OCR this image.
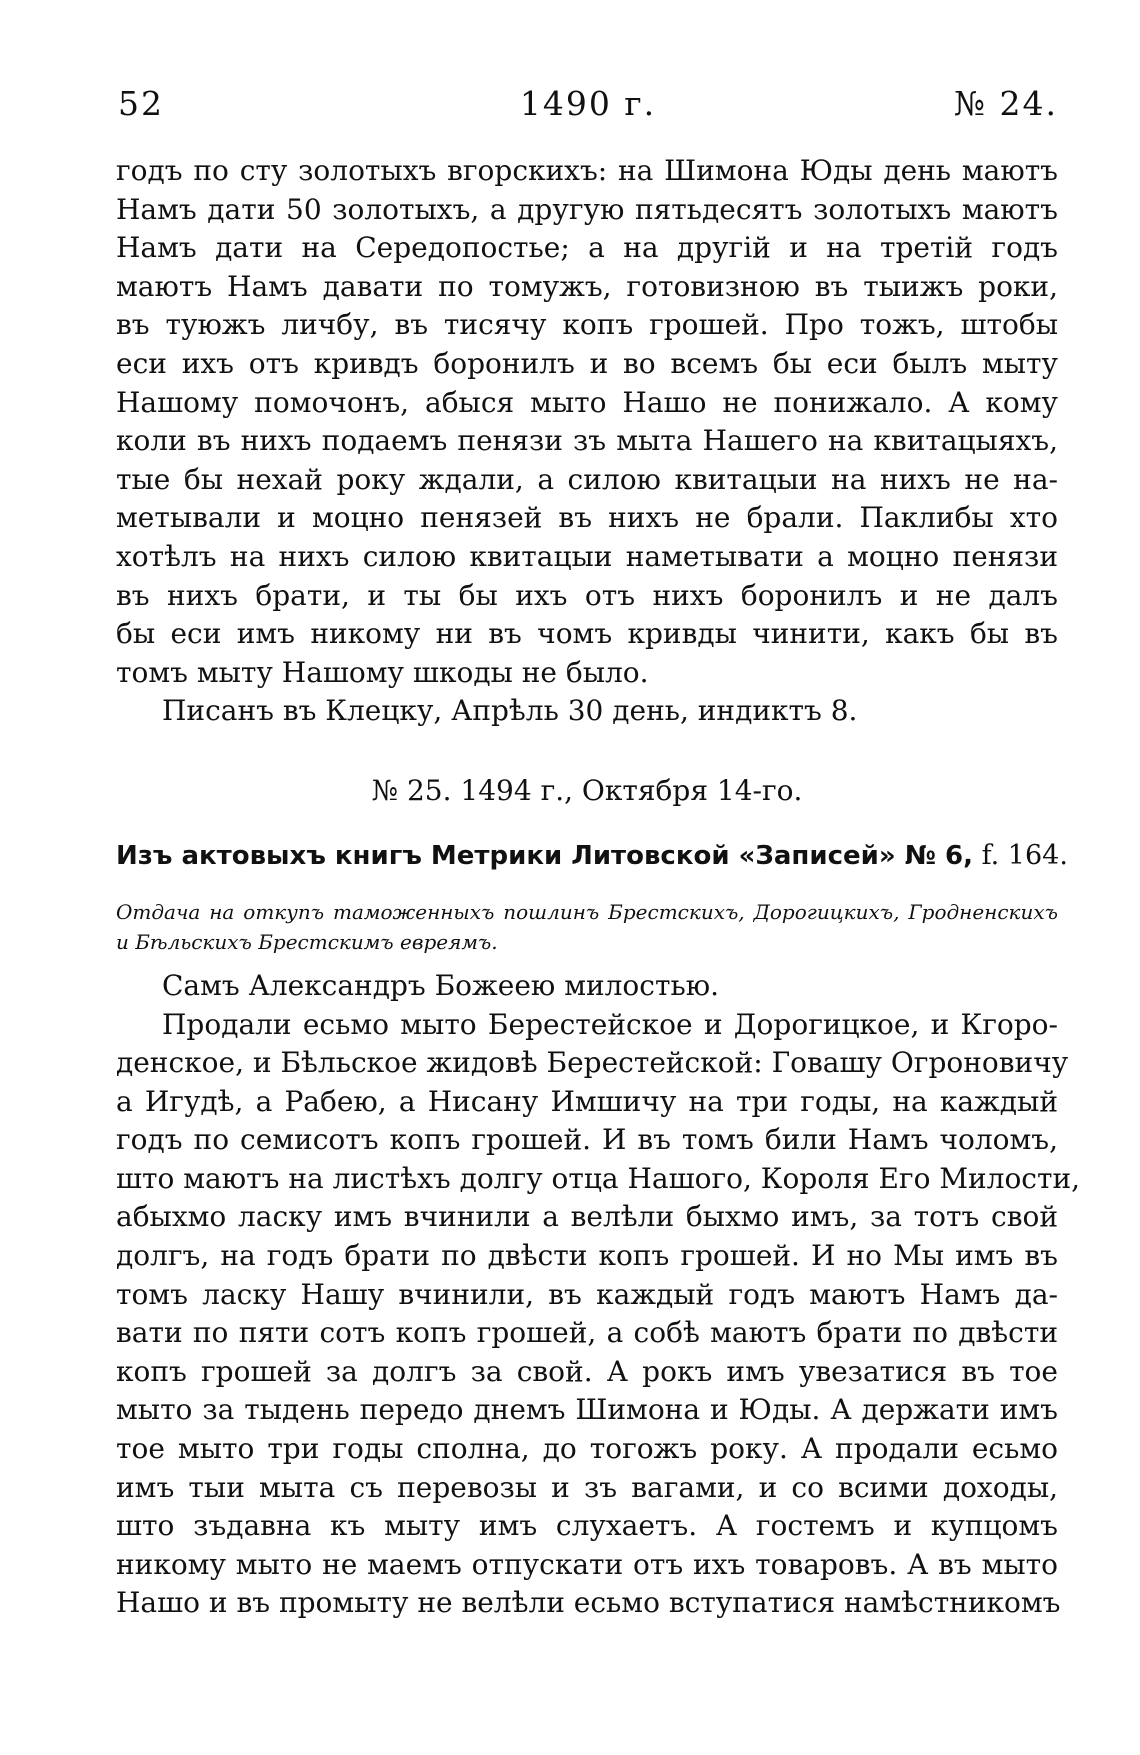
52	1490 г.	№ 24.
годъ по сту золотыхъ вгорскихъ: на Шимона Юды день маютъ
Намъ дати 50 золотыхъ, а другую пятьдесятъ золотыхъ маютъ
Намъ дати на Середопостье; а на другій и на третій годъ
маютъ Намъ давати по томужъ, готовизною въ тыижъ роки,
въ туюжъ личбу, въ тисячу копъ грошей. Про тожъ, штобы
еси ихъ отъ кривдъ боронилъ и во всемъ бы еси былъ мыту
Нашому помочонъ, абыся мыто Нашо не понижало. А кому
коли въ нихъ подаемъ пенязи зъ мыта Нашего на квитацыяхъ,
тые бы нехай року ждали, а силою квитацыи на нихъ не на-
метывали и моцно пенязей въ нихъ не брали. Паклибы хто
хотѣлъ на нихъ силою квитацыи наметывати а моцно пенязи
въ нихъ брати, и ты бы ихъ отъ нихъ боронилъ и не далъ
бы еси имъ никому ни въ чомъ кривды чинити, какъ бы въ
томъ мыту Нашому шкоды не было.
Писанъ въ Клецку, Апрѣль 30 день, индиктъ 8.
№ 25. 1494 г., Октября 14-го.
Изъ актовыхъ книгъ Метрики Литовской «Записей» № 6, f. 164.
Отдача на откупъ таможенныхъ пошлинъ Брестскихъ, Дорогицкихъ, Гродненскихъ
и Бѣльскихъ Брестскимъ евреямъ.
Самъ Александръ Божеею милостью.
Продали есьмо мыто Берестейское и Дорогицкое, и Кгоро-
денское, и Бѣльское жидовѣ Берестейской: Говашу Огроновичу
а Игудѣ, а Рабею, а Нисану Имшичу на три годы, на каждый
годъ по семисотъ копъ грошей. И въ томъ били Намъ чоломъ,
што маютъ на листѣхъ долгу отца Нашого, Короля Его Милости,
абыхмо ласку имъ вчинили а велѣли быхмо имъ, за тотъ свой
долгъ, на годъ брати по двѣсти копъ грошей. И но Мы имъ въ
томъ ласку Нашу вчинили, въ каждый годъ маютъ Намъ да-
вати по пяти сотъ копъ грошей, а собѣ маютъ брати по двѣсти
копъ грошей за долгъ за свой. А рокъ имъ увезатися въ тое
мыто за тыдень передо днемъ Шимона и Юды. А держати имъ
тое мыто три годы сполна, до тогожъ року. А продали есьмо
имъ тыи мыта съ перевозы и зъ вагами, и со всими доходы,
што зъдавна къ мыту имъ слухаетъ. А гостемъ и купцомъ
никому мыто не маемъ отпускати отъ ихъ товаровъ. А въ мыто
Нашо и въ промыту не велѣли есьмо вступатися намѣстникомъ
